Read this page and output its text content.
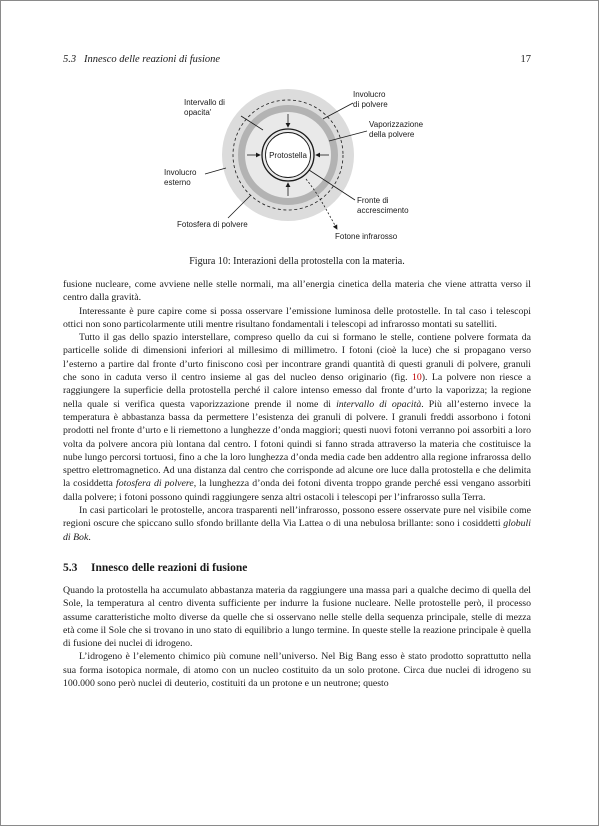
5.3 Innesco delle reazioni di fusione	17
Protostella
Intervallo di
opacita'
Involucro
di polvere
Vaporizzazione
della polvere
Involucro
esterno
Fronte di
accrescimento
Fotosfera di polvere
Fotone infrarosso
Figura 10: Interazioni della protostella con la materia.

fusione nucleare, come avviene nelle stelle normali, ma all’energia cinetica della materia che viene attratta verso il centro dalla gravità.

Interessante è pure capire come si possa osservare l’emissione luminosa delle protostelle. In tal caso i telescopi ottici non sono particolarmente utili mentre risultano fondamentali i telescopi ad infrarosso montati su satelliti.

Tutto il gas dello spazio interstellare, compreso quello da cui si formano le stelle, contiene polvere formata da particelle solide di dimensioni inferiori al millesimo di millimetro. I fotoni (cioè la luce) che si propagano verso l’esterno a partire dal fronte d’urto finiscono così per incontrare grandi quantità di questi granuli di polvere, granuli che sono in caduta verso il centro insieme al gas del nucleo denso originario (fig. 10). La polvere non riesce a raggiungere la superficie della protostella perché il calore intenso emesso dal fronte d’urto la vaporizza; la regione nella quale si verifica questa vaporizzazione prende il nome di intervallo di opacità. Più all’esterno invece la temperatura è abbastanza bassa da permettere l’esistenza dei granuli di polvere. I granuli freddi assorbono i fotoni prodotti nel fronte d’urto e li riemettono a lunghezze d’onda maggiori; questi nuovi fotoni verranno poi assorbiti a loro volta da polvere ancora più lontana dal centro. I fotoni quindi si fanno strada attraverso la materia che costituisce la nube lungo percorsi tortuosi, fino a che la loro lunghezza d’onda media cade ben addentro alla regione infrarossa dello spettro elettromagnetico. Ad una distanza dal centro che corrisponde ad alcune ore luce dalla protostella e che delimita la cosiddetta fotosfera di polvere, la lunghezza d’onda dei fotoni diventa troppo grande perché essi vengano assorbiti dalla polvere; i fotoni possono quindi raggiungere senza altri ostacoli i telescopi per l’infrarosso sulla Terra.

In casi particolari le protostelle, ancora trasparenti nell’infrarosso, possono essere osservate pure nel visibile come regioni oscure che spiccano sullo sfondo brillante della Via Lattea o di una nebulosa brillante: sono i cosiddetti globuli di Bok.

5.3 Innesco delle reazioni di fusione

Quando la protostella ha accumulato abbastanza materia da raggiungere una massa pari a qualche decimo di quella del Sole, la temperatura al centro diventa sufficiente per indurre la fusione nucleare. Nelle protostelle però, il processo assume caratteristiche molto diverse da quelle che si osservano nelle stelle della sequenza principale, stelle di mezza età come il Sole che si trovano in uno stato di equilibrio a lungo termine. In queste stelle la reazione principale è quella di fusione dei nuclei di idrogeno.

L’idrogeno è l’elemento chimico più comune nell’universo. Nel Big Bang esso è stato prodotto soprattutto nella sua forma isotopica normale, di atomo con un nucleo costituito da un solo protone. Circa due nuclei di idrogeno su 100.000 sono però nuclei di deuterio, costituiti da un protone e un neutrone; questo
